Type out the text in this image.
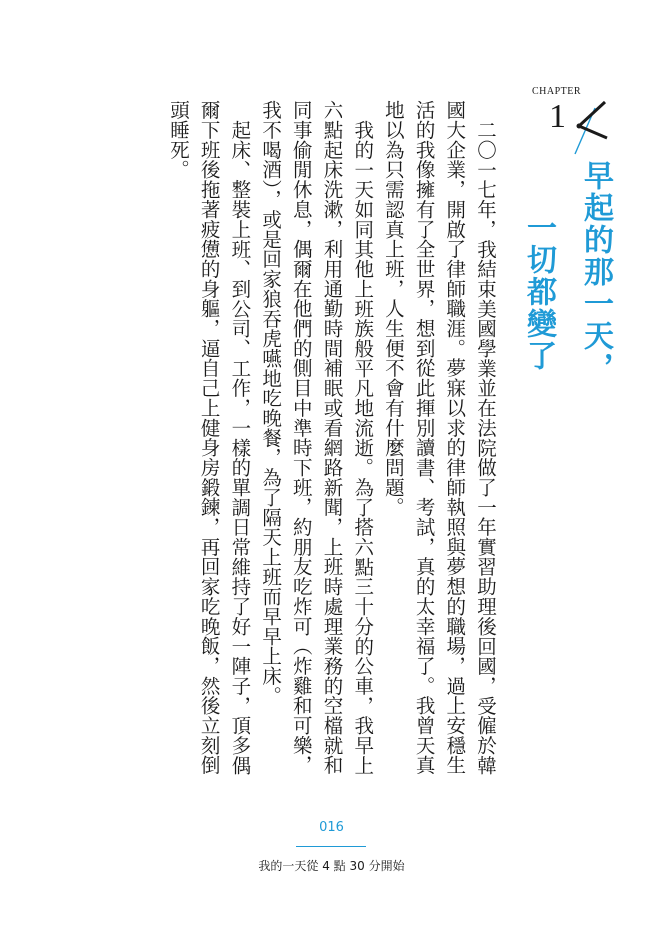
CHAPTER
1
早起的那一天，
一切都變了

二〇一七年，我結束美國學業並在法院做了一年實習助理後回國，受僱於韓國大企業，開啟了律師職涯。夢寐以求的律師執照與夢想的職場，過上安穩生活的我像擁有了全世界，想到從此揮別讀書、考試，真的太幸福了。我曾天真地以為只需認真上班，人生便不會有什麼問題。

我的一天如同其他上班族般平凡地流逝。為了搭六點三十分的公車，我早上六點起床洗漱，利用通勤時間補眠或看網路新聞，上班時處理業務的空檔就和同事偷閒休息，偶爾在他們的側目中準時下班，約朋友吃炸可（炸雞和可樂，我不喝酒），或是回家狼吞虎嚥地吃晚餐，為了隔天上班而早早上床。

起床、整裝上班、到公司、工作，一樣的單調日常維持了好一陣子，頂多偶爾下班後拖著疲憊的身軀，逼自己上健身房鍛鍊，再回家吃晚飯，然後立刻倒頭睡死。

016
我的一天從 4 點 30 分開始
